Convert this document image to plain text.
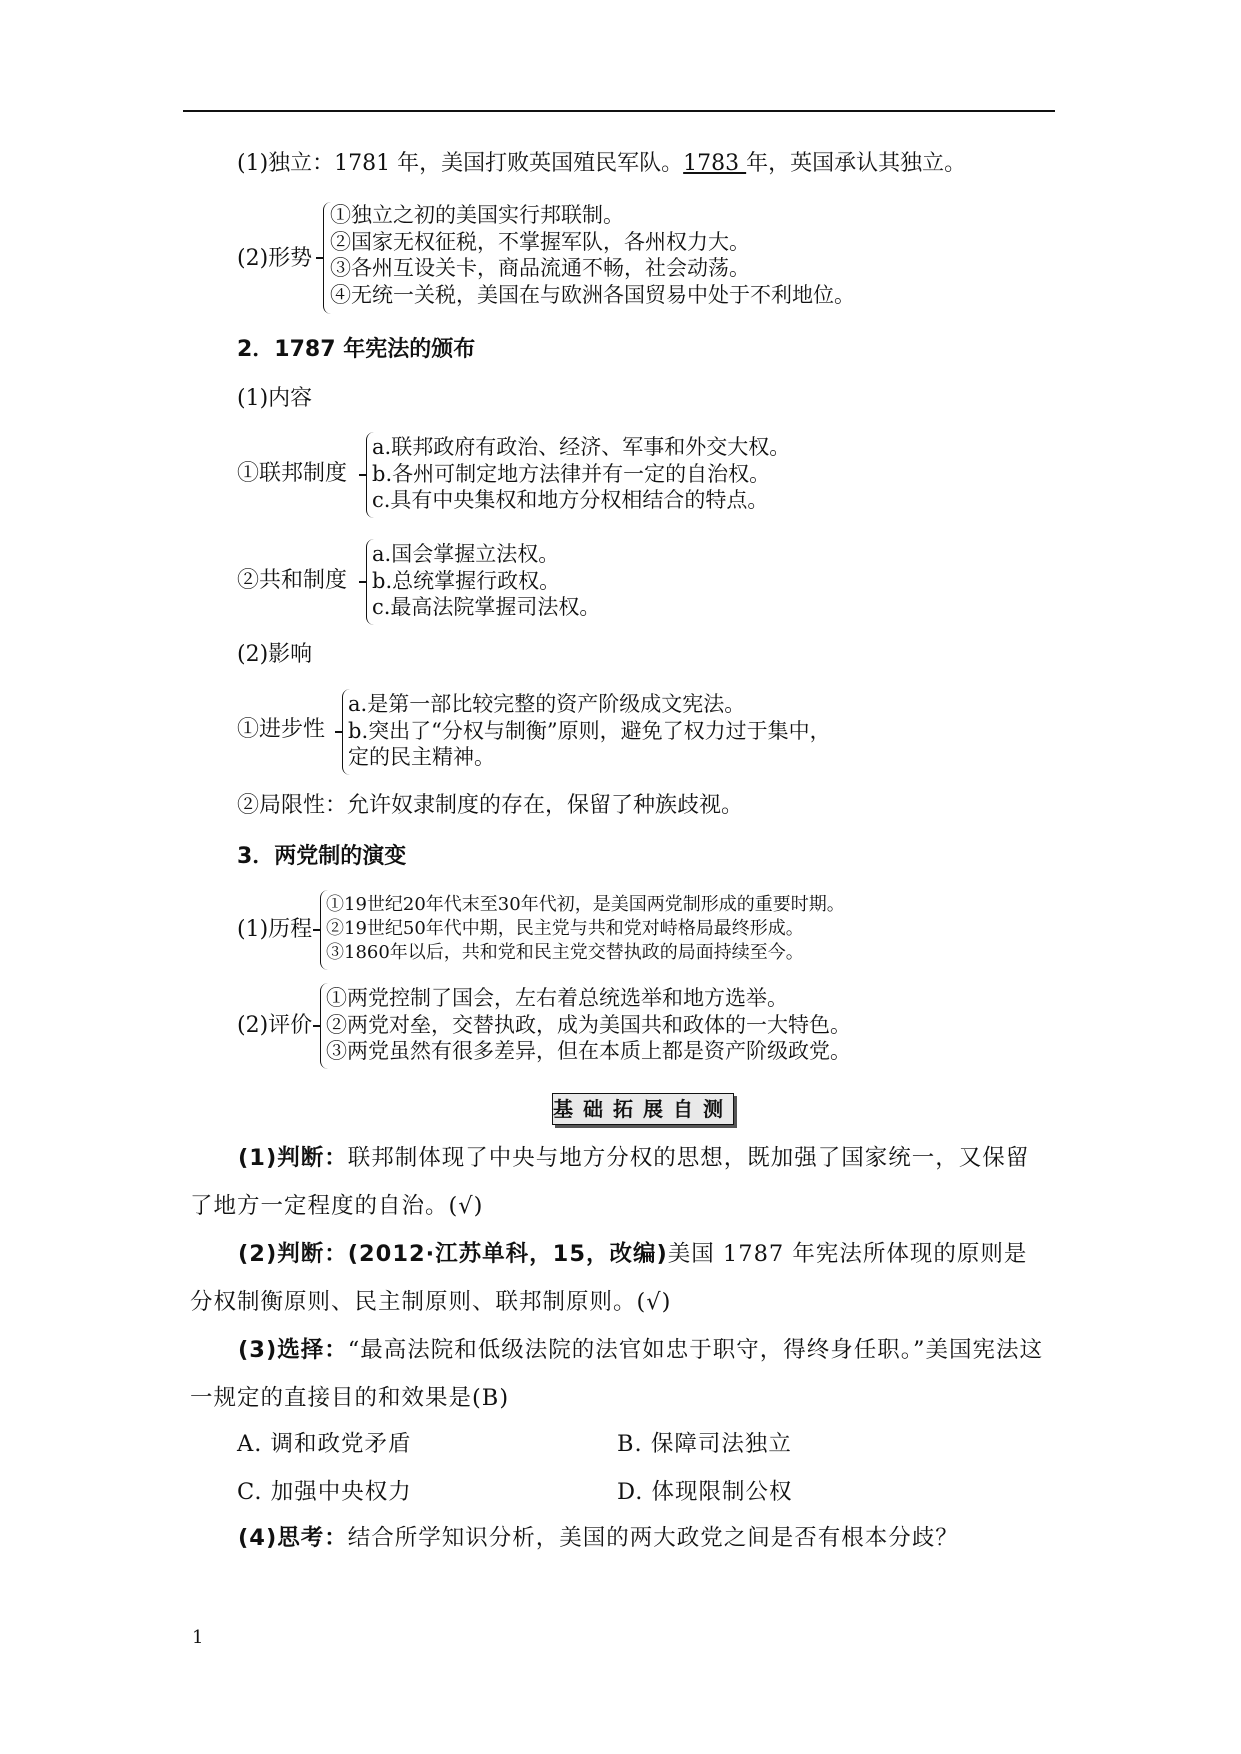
(1)独立：1781 年，美国打败英国殖民军队。1783 年，英国承认其独立。
(2)形势
①独立之初的美国实行邦联制。
②国家无权征税，不掌握军队，各州权力大。
③各州互设关卡，商品流通不畅，社会动荡。
④无统一关税，美国在与欧洲各国贸易中处于不利地位。
2．1787 年宪法的颁布
(1)内容
①联邦制度
a.联邦政府有政治、经济、军事和外交大权。
b.各州可制定地方法律并有一定的自治权。
c.具有中央集权和地方分权相结合的特点。
②共和制度
a.国会掌握立法权。
b.总统掌握行政权。
c.最高法院掌握司法权。
(2)影响
①进步性
a.是第一部比较完整的资产阶级成文宪法。
b.突出了“分权与制衡”原则，避免了权力过于集中，
定的民主精神。
②局限性：允许奴隶制度的存在，保留了种族歧视。
3．两党制的演变
(1)历程
①19世纪20年代末至30年代初，是美国两党制形成的重要时期。
②19世纪50年代中期，民主党与共和党对峙格局最终形成。
③1860年以后，共和党和民主党交替执政的局面持续至今。
(2)评价
①两党控制了国会，左右着总统选举和地方选举。
②两党对垒，交替执政，成为美国共和政体的一大特色。
③两党虽然有很多差异，但在本质上都是资产阶级政党。
基础拓展自测
(1)判断：联邦制体现了中央与地方分权的思想，既加强了国家统一，又保留了地方一定程度的自治。(√)
(2)判断：(2012·江苏单科，15，改编)美国 1787 年宪法所体现的原则是分权制衡原则、民主制原则、联邦制原则。(√)
(3)选择：“最高法院和低级法院的法官如忠于职守，得终身任职。”美国宪法这一规定的直接目的和效果是(B)
A. 调和政党矛盾	B. 保障司法独立
C. 加强中央权力	D. 体现限制公权
(4)思考：结合所学知识分析，美国的两大政党之间是否有根本分歧？
1
